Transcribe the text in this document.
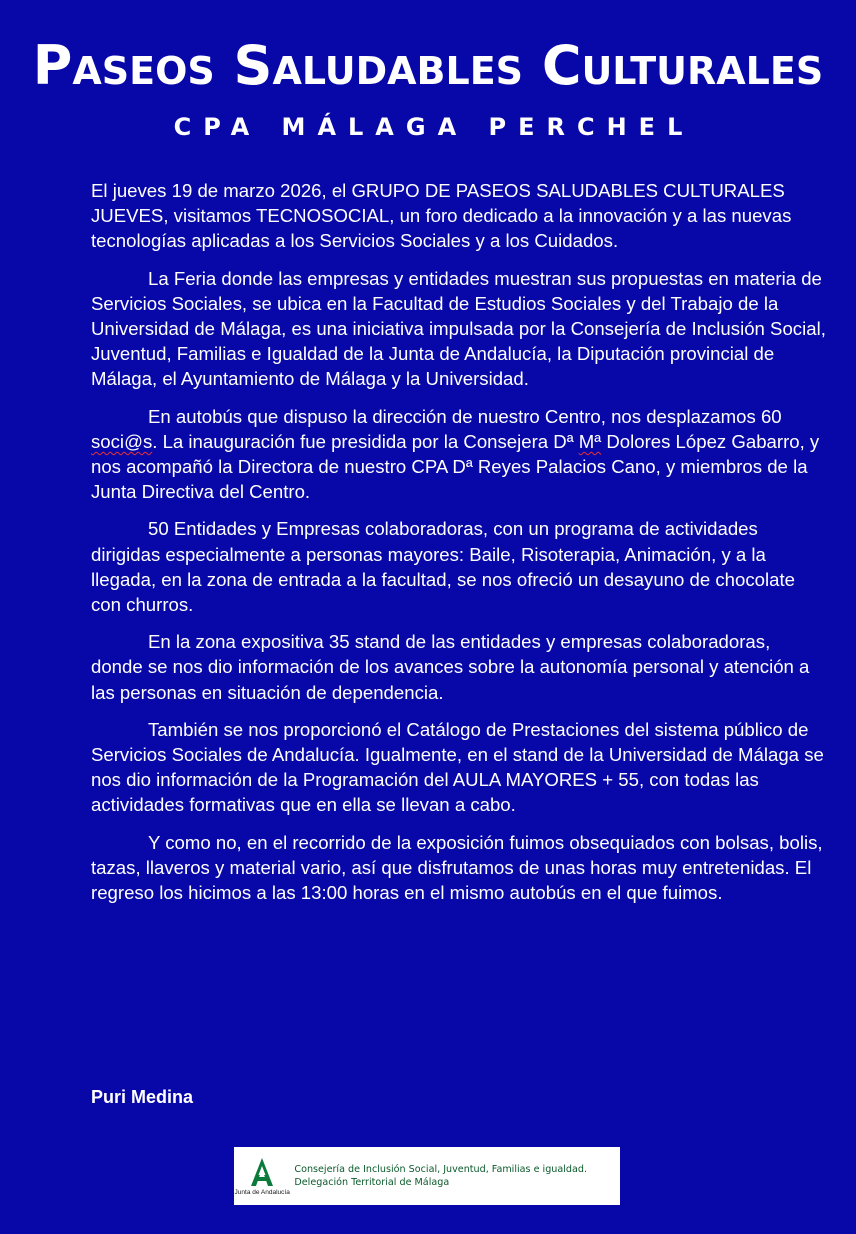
Paseos Saludables Culturales
CPA MÁLAGA PERCHEL

El jueves 19 de marzo 2026, el GRUPO DE PASEOS SALUDABLES CULTURALES JUEVES, visitamos TECNOSOCIAL, un foro dedicado a la innovación y a las nuevas tecnologías aplicadas a los Servicios Sociales y a los Cuidados.

La Feria donde las empresas y entidades muestran sus propuestas en materia de Servicios Sociales, se ubica en la Facultad de Estudios Sociales y del Trabajo de la Universidad de Málaga, es una iniciativa impulsada por la Consejería de Inclusión Social, Juventud, Familias e Igualdad de la Junta de Andalucía, la Diputación provincial de Málaga, el Ayuntamiento de Málaga y la Universidad.

En autobús que dispuso la dirección de nuestro Centro, nos desplazamos 60 soci@s. La inauguración fue presidida por la Consejera Dª Mª Dolores López Gabarro, y nos acompañó la Directora de nuestro CPA Dª Reyes Palacios Cano, y miembros de la Junta Directiva del Centro.

50 Entidades y Empresas colaboradoras, con un programa de actividades dirigidas especialmente a personas mayores: Baile, Risoterapia, Animación, y a la llegada, en la zona de entrada a la facultad, se nos ofreció un desayuno de chocolate con churros.

En la zona expositiva 35 stand de las entidades y empresas colaboradoras, donde se nos dio información de los avances sobre la autonomía personal y atención a las personas en situación de dependencia.

También se nos proporcionó el Catálogo de Prestaciones del sistema público de Servicios Sociales de Andalucía. Igualmente, en el stand de la Universidad de Málaga se nos dio información de la Programación del AULA MAYORES + 55, con todas las actividades formativas que en ella se llevan a cabo.

Y como no, en el recorrido de la exposición fuimos obsequiados con bolsas, bolis, tazas, llaveros y material vario, así que disfrutamos de unas horas muy entretenidas. El regreso los hicimos a las 13:00 horas en el mismo autobús en el que fuimos.

Puri Medina
Junta de Andalucía
Consejería de Inclusión Social, Juventud, Familias e igualdad. Delegación Territorial de Málaga
